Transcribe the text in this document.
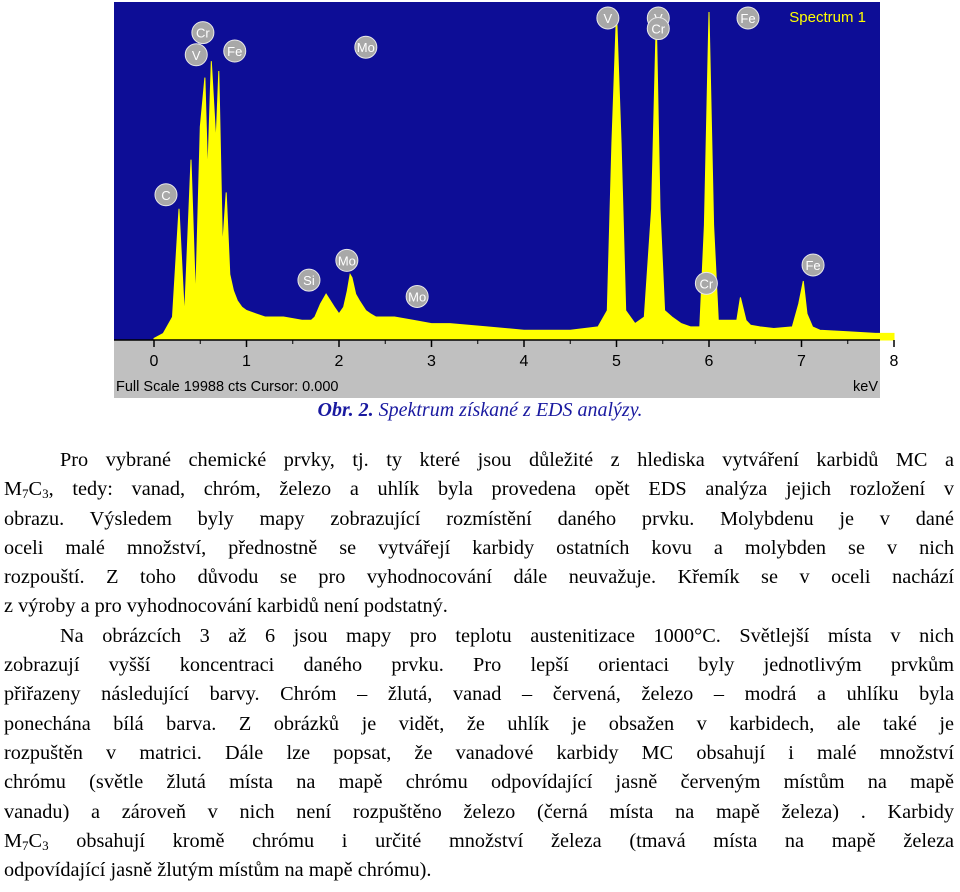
C
V
Cr
Fe	Mo
Si
Mo
Mo
V
Cr
Fe
Cr
Fe
Spectrum 1
0	1	2	3	4	5	6	7	8
Full Scale 19988 cts Cursor: 0.000	keV
Obr. 2. Spektrum získané z EDS analýzy.

Pro vybrané chemické prvky, tj. ty které jsou důležité z hlediska vytváření karbidů MC a
$M_7C_3$, tedy: vanad, chróm, železo a uhlík byla provedena opět EDS analýza jejich rozložení v
obrazu. Výsledem byly mapy zobrazující rozmístění daného prvku. Molybdenu je v dané
oceli malé množství, přednostně se vytvářejí karbidy ostatních kovu a molybden se v nich
rozpouští. Z toho důvodu se pro vyhodnocování dále neuvažuje. Křemík se v oceli nachází
z výroby a pro vyhodnocování karbidů není podstatný.

Na obrázcích 3 až 6 jsou mapy pro teplotu austenitizace 1000°C. Světlejší místa v nich
zobrazují vyšší koncentraci daného prvku. Pro lepší orientaci byly jednotlivým prvkům
přiřazeny následující barvy. Chróm – žlutá, vanad – červená, železo – modrá a uhlíku byla
ponechána bílá barva. Z obrázků je vidět, že uhlík je obsažen v karbidech, ale také je
rozpuštěn v matrici. Dále lze popsat, že vanadové karbidy MC obsahují i malé množství
chrómu (světle žlutá místa na mapě chrómu odpovídající jasně červeným místům na mapě
vanadu) a zároveň v nich není rozpuštěno železo (černá místa na mapě železa) . Karbidy
$M_7C_3$ obsahují kromě chrómu i určité množství železa (tmavá místa na mapě železa
odpovídající jasně žlutým místům na mapě chrómu).
